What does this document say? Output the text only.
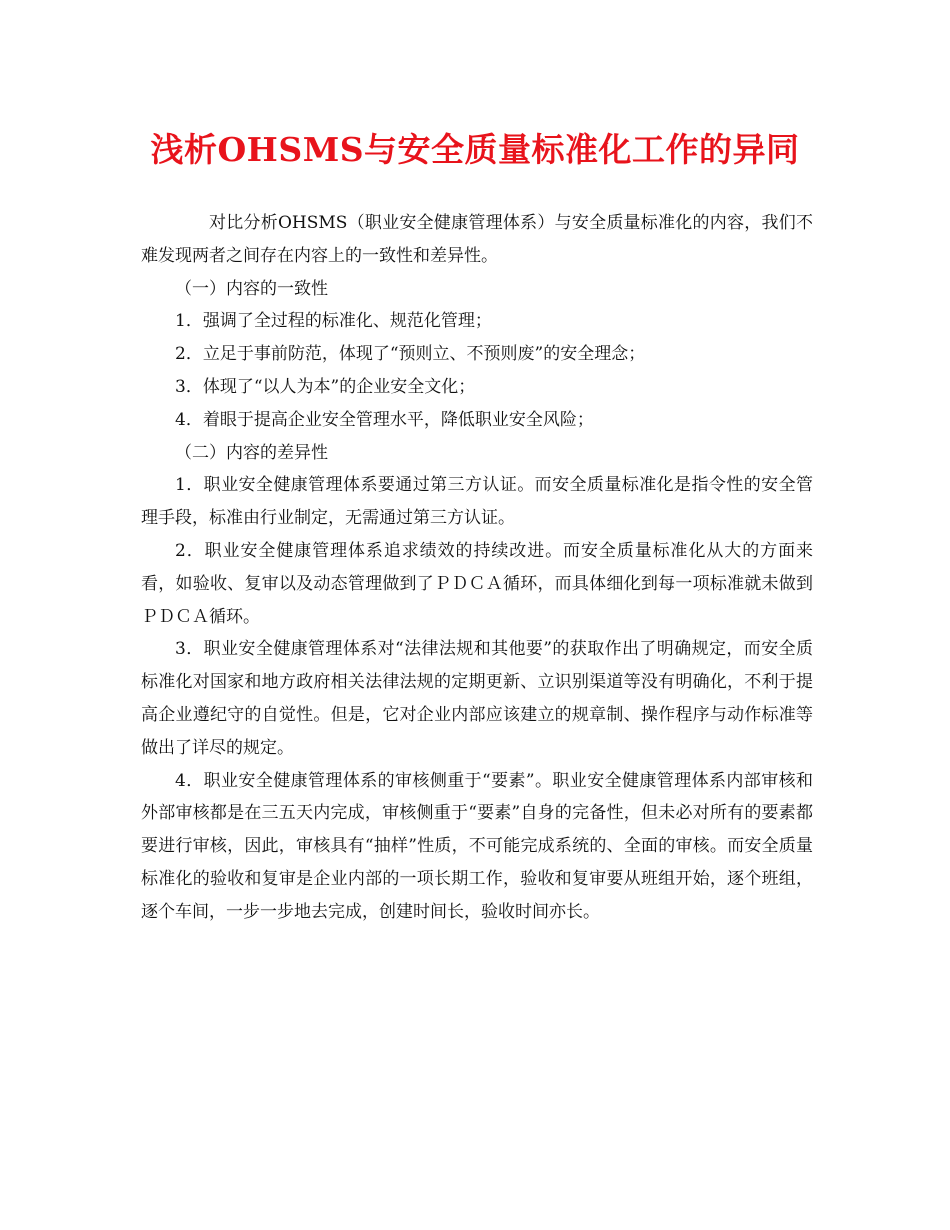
浅析OHSMS与安全质量标准化工作的异同

对比分析OHSMS（职业安全健康管理体系）与安全质量标准化的内容，我们不难发现两者之间存在内容上的一致性和差异性。

（一）内容的一致性

1．强调了全过程的标准化、规范化管理；

2．立足于事前防范，体现了“预则立、不预则废”的安全理念；

3．体现了“以人为本”的企业安全文化；

4．着眼于提高企业安全管理水平，降低职业安全风险；

（二）内容的差异性

1．职业安全健康管理体系要通过第三方认证。而安全质量标准化是指令性的安全管理手段，标准由行业制定，无需通过第三方认证。

2．职业安全健康管理体系追求绩效的持续改进。而安全质量标准化从大的方面来看，如验收、复审以及动态管理做到了ＰＤＣＡ循环，而具体细化到每一项标准就未做到ＰＤＣＡ循环。

3．职业安全健康管理体系对“法律法规和其他要”的获取作出了明确规定，而安全质标准化对国家和地方政府相关法律法规的定期更新、立识别渠道等没有明确化，不利于提高企业遵纪守的自觉性。但是，它对企业内部应该建立的规章制、操作程序与动作标准等做出了详尽的规定。

4．职业安全健康管理体系的审核侧重于“要素”。职业安全健康管理体系内部审核和外部审核都是在三五天内完成，审核侧重于“要素”自身的完备性，但未必对所有的要素都要进行审核，因此，审核具有“抽样”性质，不可能完成系统的、全面的审核。而安全质量标准化的验收和复审是企业内部的一项长期工作，验收和复审要从班组开始，逐个班组，逐个车间，一步一步地去完成，创建时间长，验收时间亦长。
